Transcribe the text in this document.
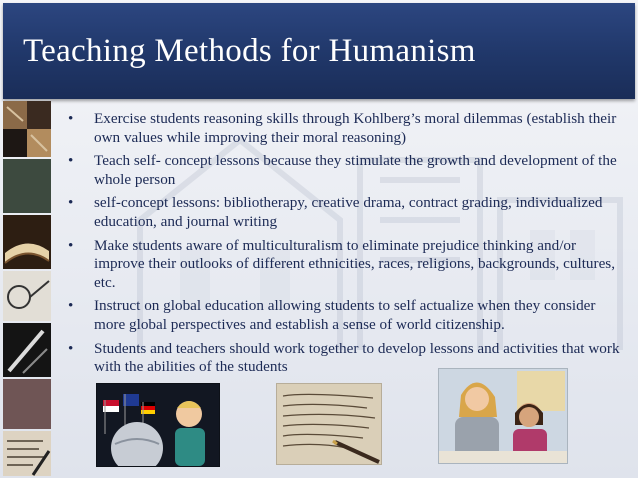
Teaching Methods for Humanism
• Exercise students reasoning skills through Kohlberg’s moral dilemmas (establish their own values while improving their moral reasoning)
• Teach self- concept lessons because they stimulate the growth and development of the whole person
• self-concept lessons: bibliotherapy, creative drama, contract grading, individualized education, and journal writing
• Make students aware of multiculturalism to eliminate prejudice thinking and/or improve their outlooks of different ethnicities, races, religions, backgrounds, cultures, etc.
• Instruct on global education allowing students to self actualize when they consider more global perspectives and establish a sense of world citizenship.
• Students and teachers should work together to develop lessons and activities that work with the abilities of the students
